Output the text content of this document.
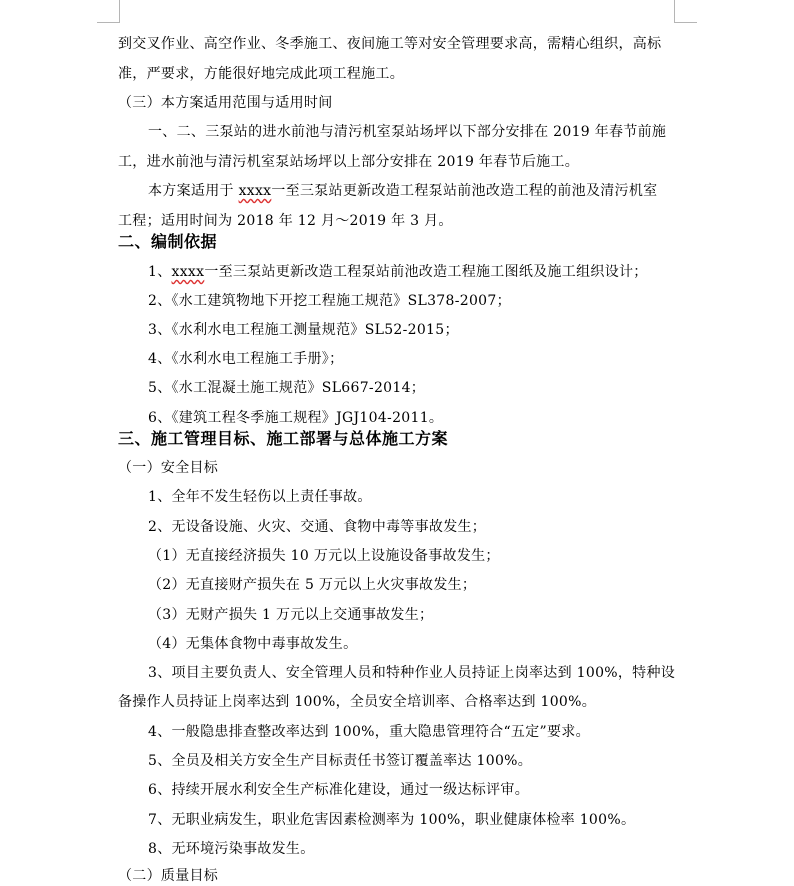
到交叉作业、高空作业、冬季施工、夜间施工等对安全管理要求高，需精心组织，高标
准，严要求，方能很好地完成此项工程施工。
（三）本方案适用范围与适用时间
一、二、三泵站的进水前池与清污机室泵站场坪以下部分安排在 2019 年春节前施
工，进水前池与清污机室泵站场坪以上部分安排在 2019 年春节后施工。
本方案适用于 xxxx一至三泵站更新改造工程泵站前池改造工程的前池及清污机室
工程；适用时间为 2018 年 12 月～2019 年 3 月。
二、编制依据
1、xxxx一至三泵站更新改造工程泵站前池改造工程施工图纸及施工组织设计；
2、《水工建筑物地下开挖工程施工规范》SL378-2007；
3、《水利水电工程施工测量规范》SL52-2015；
4、《水利水电工程施工手册》；
5、《水工混凝土施工规范》SL667-2014；
6、《建筑工程冬季施工规程》JGJ104-2011。
三、施工管理目标、施工部署与总体施工方案
（一）安全目标
1、全年不发生轻伤以上责任事故。
2、无设备设施、火灾、交通、食物中毒等事故发生；
（1）无直接经济损失 10 万元以上设施设备事故发生；
（2）无直接财产损失在 5 万元以上火灾事故发生；
（3）无财产损失 1 万元以上交通事故发生；
（4）无集体食物中毒事故发生。
3、项目主要负责人、安全管理人员和特种作业人员持证上岗率达到 100%，特种设
备操作人员持证上岗率达到 100%，全员安全培训率、合格率达到 100%。
4、一般隐患排查整改率达到 100%，重大隐患管理符合“五定”要求。
5、全员及相关方安全生产目标责任书签订覆盖率达 100%。
6、持续开展水利安全生产标准化建设，通过一级达标评审。
7、无职业病发生，职业危害因素检测率为 100%，职业健康体检率 100%。
8、无环境污染事故发生。
（二）质量目标
